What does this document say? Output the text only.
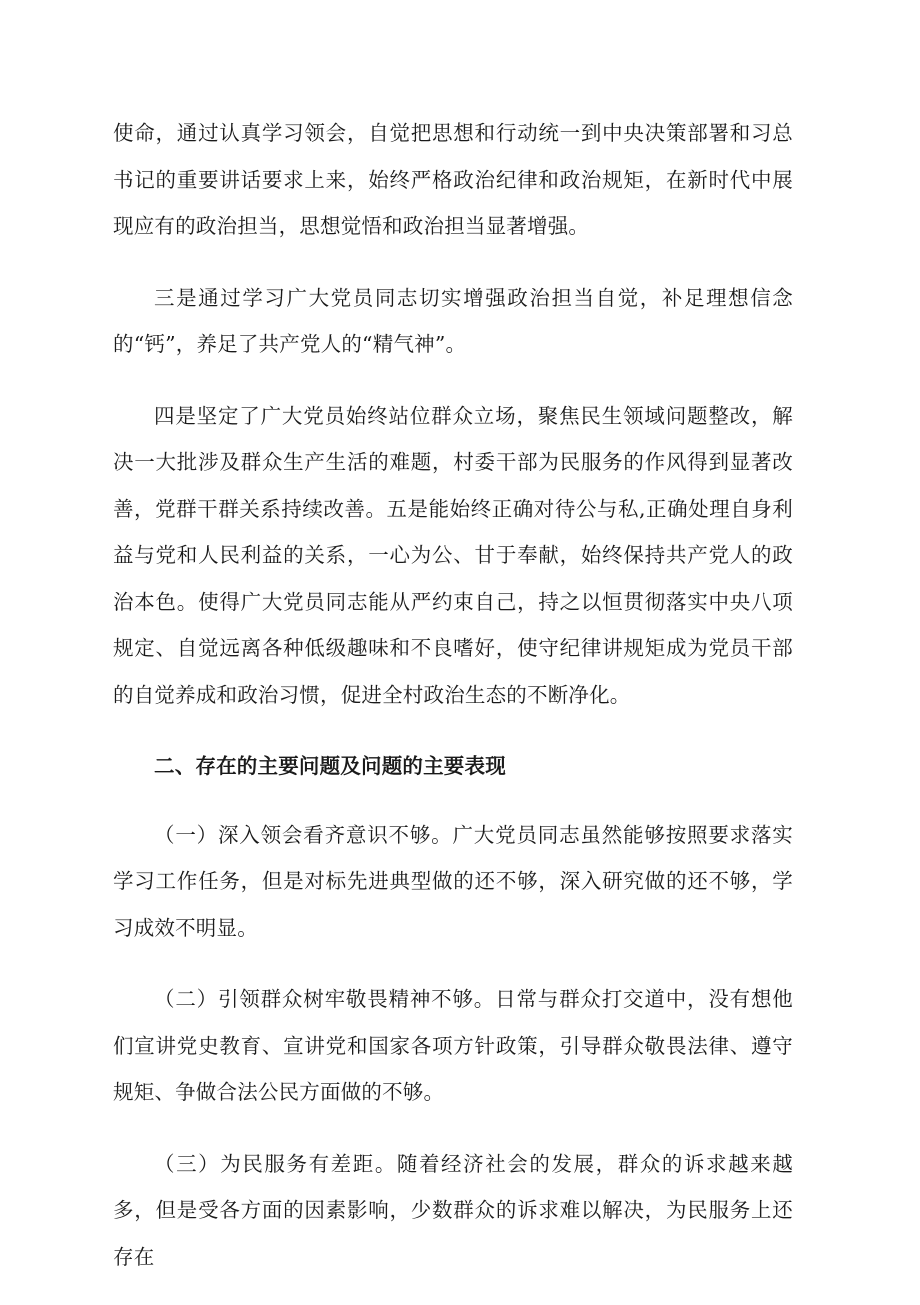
使命，通过认真学习领会，自觉把思想和行动统一到中央决策部署和习总书记的重要讲话要求上来，始终严格政治纪律和政治规矩，在新时代中展现应有的政治担当，思想觉悟和政治担当显著增强。

三是通过学习广大党员同志切实增强政治担当自觉，补足理想信念的“钙”，养足了共产党人的“精气神”。

四是坚定了广大党员始终站位群众立场，聚焦民生领域问题整改，解决一大批涉及群众生产生活的难题，村委干部为民服务的作风得到显著改善，党群干群关系持续改善。五是能始终正确对待公与私,正确处理自身利益与党和人民利益的关系，一心为公、甘于奉献，始终保持共产党人的政治本色。使得广大党员同志能从严约束自己，持之以恒贯彻落实中央八项规定、自觉远离各种低级趣味和不良嗜好，使守纪律讲规矩成为党员干部的自觉养成和政治习惯，促进全村政治生态的不断净化。

二、存在的主要问题及问题的主要表现

（一）深入领会看齐意识不够。广大党员同志虽然能够按照要求落实学习工作任务，但是对标先进典型做的还不够，深入研究做的还不够，学习成效不明显。

（二）引领群众树牢敬畏精神不够。日常与群众打交道中，没有想他们宣讲党史教育、宣讲党和国家各项方针政策，引导群众敬畏法律、遵守规矩、争做合法公民方面做的不够。

（三）为民服务有差距。随着经济社会的发展，群众的诉求越来越多，但是受各方面的因素影响，少数群众的诉求难以解决，为民服务上还存在
